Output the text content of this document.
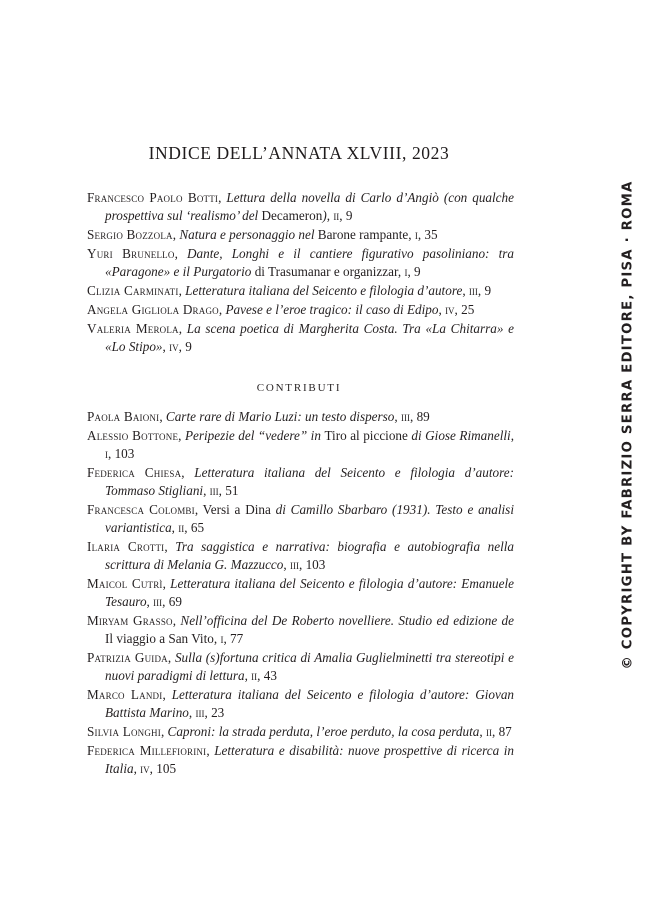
INDICE DELL’ANNATA XLVIII, 2023
Francesco Paolo Botti, Lettura della novella di Carlo d’Angiò (con qualche prospettiva sul ‘realismo’ del Decameron), ii, 9
Sergio Bozzola, Natura e personaggio nel Barone rampante, i, 35
Yuri Brunello, Dante, Longhi e il cantiere figurativo pasoliniano: tra «Paragone» e il Purgatorio di Trasumanar e organizzar, i, 9
Clizia Carminati, Letteratura italiana del Seicento e filologia d’autore, iii, 9
Angela Gigliola Drago, Pavese e l’eroe tragico: il caso di Edipo, iv, 25
Valeria Merola, La scena poetica di Margherita Costa. Tra «La Chitarra» e «Lo Stipo», iv, 9
CONTRIBUTI
Paola Baioni, Carte rare di Mario Luzi: un testo disperso, iii, 89
Alessio Bottone, Peripezie del “vedere” in Tiro al piccione di Giose Rimanelli, i, 103
Federica Chiesa, Letteratura italiana del Seicento e filologia d’autore: Tommaso Stigliani, iii, 51
Francesca Colombi, Versi a Dina di Camillo Sbarbaro (1931). Testo e analisi variantistica, ii, 65
Ilaria Crotti, Tra saggistica e narrativa: biografia e autobiografia nella scrittura di Melania G. Mazzucco, iii, 103
Maicol Cutrì, Letteratura italiana del Seicento e filologia d’autore: Emanuele Tesauro, iii, 69
Miryam Grasso, Nell’officina del De Roberto novelliere. Studio ed edizione de Il viaggio a San Vito, i, 77
Patrizia Guida, Sulla (s)fortuna critica di Amalia Guglielminetti tra stereotipi e nuovi paradigmi di lettura, ii, 43
Marco Landi, Letteratura italiana del Seicento e filologia d’autore: Giovan Battista Marino, iii, 23
Silvia Longhi, Caproni: la strada perduta, l’eroe perduto, la cosa perduta, ii, 87
Federica Millefiorini, Letteratura e disabilità: nuove prospettive di ricerca in Italia, iv, 105
© COPYRIGHT BY FABRIZIO SERRA EDITORE, PISA · ROMA
